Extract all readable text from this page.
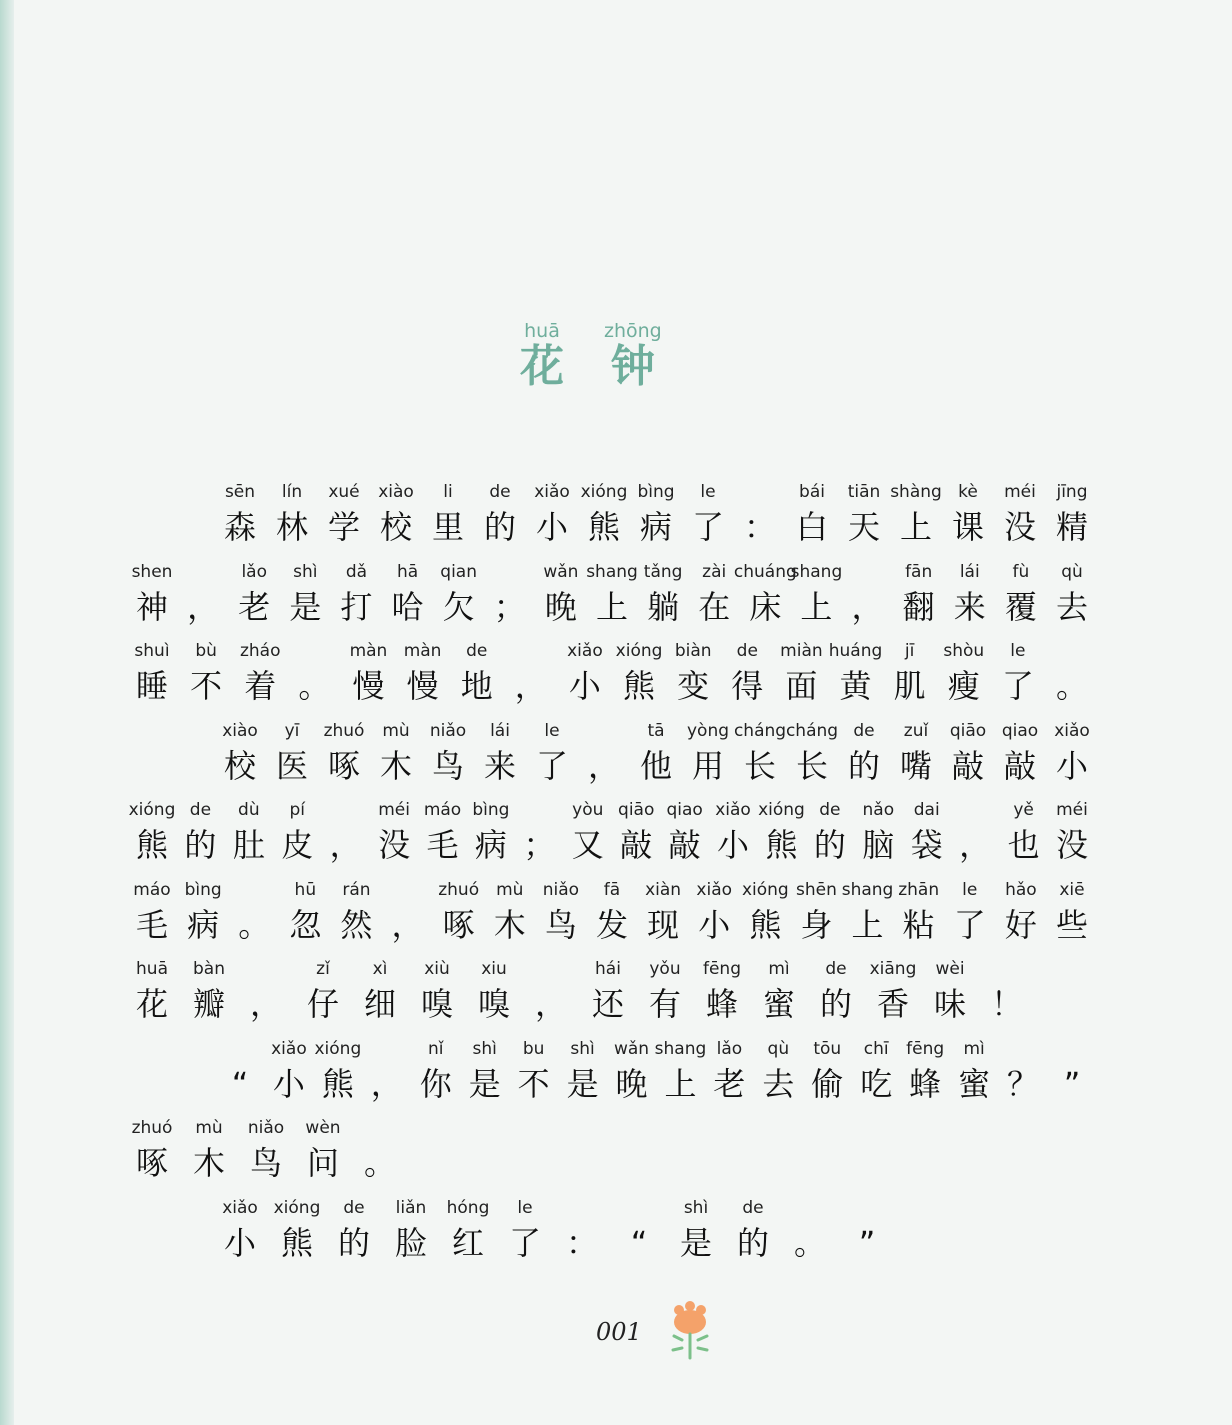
huā
花
zhōng
钟
sēn
森
lín
林
xué
学
xiào
校
li
里
de
的
xiǎo
小
xióng
熊
bìng
病
le
了 ：
bái
白
tiān
天
shàng
上
kè
课
méi
没
jīng
精
shen
神 ，
lǎo
老
shì
是
dǎ
打
hā
哈
qian
欠 ；
wǎn
晚
shang
上
tǎng
躺
zài
在
chuáng
床
shang
上 ，
fān
翻
lái
来
fù
覆
qù
去
shuì
睡
bù
不
zháo
着 。
màn
慢
màn
慢
de
地 ，
xiǎo
小
xióng
熊
biàn
变
de
得
miàn
面
huáng
黄
jī
肌
shòu
瘦
le
了 。
xiào
校
yī
医
zhuó
啄
mù
木
niǎo
鸟
lái
来
le
了 ，
tā
他
yòng
用
cháng
长
cháng
长
de
的
zuǐ
嘴
qiāo
敲
qiao
敲
xiǎo
小
xióng
熊
de
的
dù
肚
pí
皮 ，
méi
没
máo
毛
bìng
病 ；
yòu
又
qiāo
敲
qiao
敲
xiǎo
小
xióng
熊
de
的
nǎo
脑
dai
袋 ，
yě
也
méi
没
máo
毛
bìng
病 。
hū
忽
rán
然 ，
zhuó
啄
mù
木
niǎo
鸟
fā
发
xiàn
现
xiǎo
小
xióng
熊
shēn
身
shang
上
zhān
粘
le
了
hǎo
好
xiē
些
huā
花
bàn
瓣 ，
zǐ
仔
xì
细
xiù
嗅
xiu
嗅 ，
hái
还
yǒu
有
fēng
蜂
mì
蜜
de
的
xiāng
香
wèi
味 ！
“
xiǎo
小
xióng
熊 ，
nǐ
你
shì
是
bu
不
shì
是
wǎn
晚
shang
上
lǎo
老
qù
去
tōu
偷
chī
吃
fēng
蜂
mì
蜜 ？ ”
zhuó
啄
mù
木
niǎo
鸟
wèn
问 。
xiǎo
小
xióng
熊
de
的
liǎn
脸
hóng
红
le
了 ： “
shì
是
de
的 。 ”
001
